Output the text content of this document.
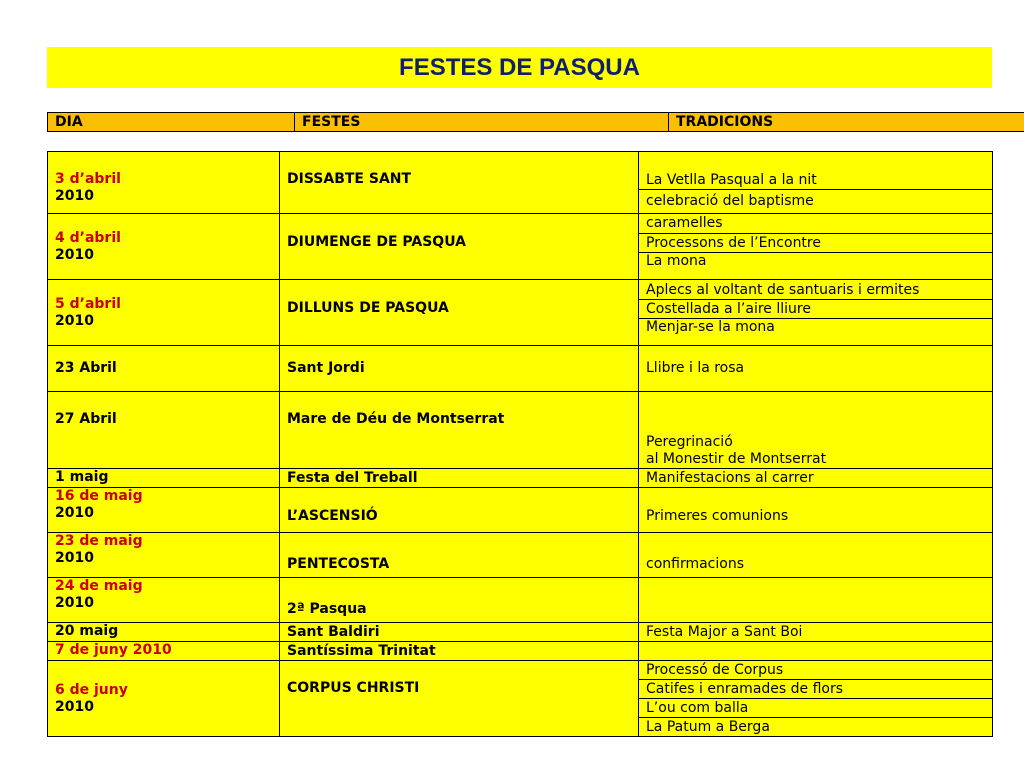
FESTES DE PASQUA
DIA	FESTES	TRADICIONS
3 d’abril
2010	DISSABTE SANT	La Vetlla Pasqual a la nit
		celebració del baptisme
4 d’abril
2010	DIUMENGE DE PASQUA	caramelles
		Processons de l’Encontre
		La mona
5 d’abril
2010	DILLUNS DE PASQUA	Aplecs al voltant de santuaris i ermites
		Costellada a l’aire lliure
		Menjar-se la mona
23 Abril	Sant Jordi	Llibre i la rosa
27 Abril	Mare de Déu de Montserrat	Peregrinació
al Monestir de Montserrat
1 maig	Festa del Treball	Manifestacions al carrer
16 de maig
2010	L’ASCENSIÓ	Primeres comunions
23 de maig
2010	PENTECOSTA	confirmacions
24 de maig
2010	2ª Pasqua	
20 maig	Sant Baldiri	Festa Major a Sant Boi
7 de juny 2010	Santíssima Trinitat	
6 de juny
2010	CORPUS CHRISTI	Processó de Corpus
		Catifes i enramades de flors
		L’ou com balla
		La Patum a Berga
